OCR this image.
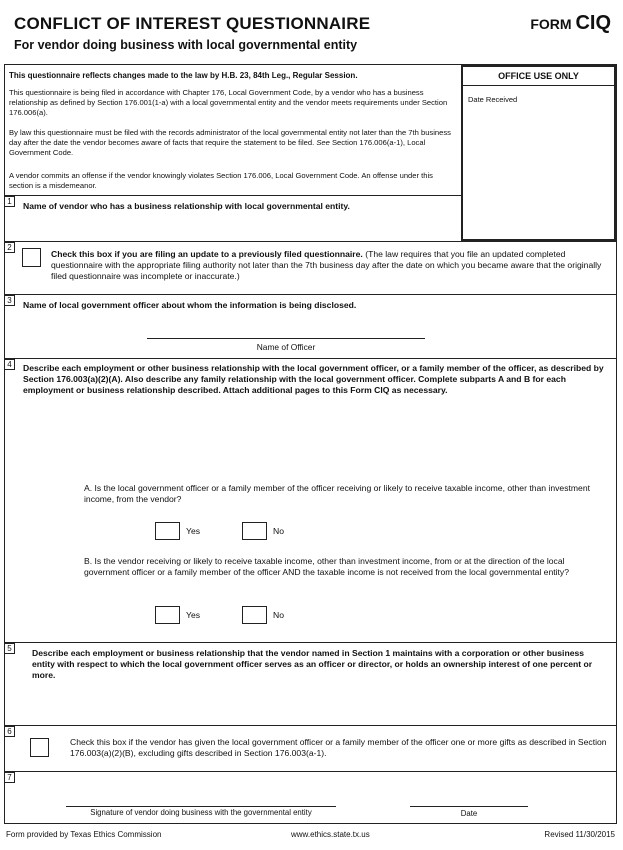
CONFLICT OF INTEREST QUESTIONNAIRE
For vendor doing business with local governmental entity
FORM CIQ
OFFICE USE ONLY
Date Received
This questionnaire reflects changes made to the law by H.B. 23, 84th Leg., Regular Session.
This questionnaire is being filed in accordance with Chapter 176, Local Government Code, by a vendor who has a business relationship as defined by Section 176.001(1-a) with a local governmental entity and the vendor meets requirements under Section 176.006(a).
By law this questionnaire must be filed with the records administrator of the local governmental entity not later than the 7th business day after the date the vendor becomes aware of facts that require the statement to be filed. See Section 176.006(a-1), Local Government Code.
A vendor commits an offense if the vendor knowingly violates Section 176.006, Local Government Code. An offense under this section is a misdemeanor.
1	Name of vendor who has a business relationship with local governmental entity.
2
Check this box if you are filing an update to a previously filed questionnaire. (The law requires that you file an updated completed questionnaire with the appropriate filing authority not later than the 7th business day after the date on which you became aware that the originally filed questionnaire was incomplete or inaccurate.)
3	Name of local government officer about whom the information is being disclosed.
Name of Officer
4	Describe each employment or other business relationship with the local government officer, or a family member of the officer, as described by Section 176.003(a)(2)(A). Also describe any family relationship with the local government officer. Complete subparts A and B for each employment or business relationship described. Attach additional pages to this Form CIQ as necessary.
A. Is the local government officer or a family member of the officer receiving or likely to receive taxable income, other than investment income, from the vendor?
Yes	No
B. Is the vendor receiving or likely to receive taxable income, other than investment income, from or at the direction of the local government officer or a family member of the officer AND the taxable income is not received from the local governmental entity?
Yes	No
5	Describe each employment or business relationship that the vendor named in Section 1 maintains with a corporation or other business entity with respect to which the local government officer serves as an officer or director, or holds an ownership interest of one percent or more.
6
Check this box if the vendor has given the local government officer or a family member of the officer one or more gifts as described in Section 176.003(a)(2)(B), excluding gifts described in Section 176.003(a-1).
7
Signature of vendor doing business with the governmental entity	Date
Form provided by Texas Ethics Commission	www.ethics.state.tx.us	Revised 11/30/2015
